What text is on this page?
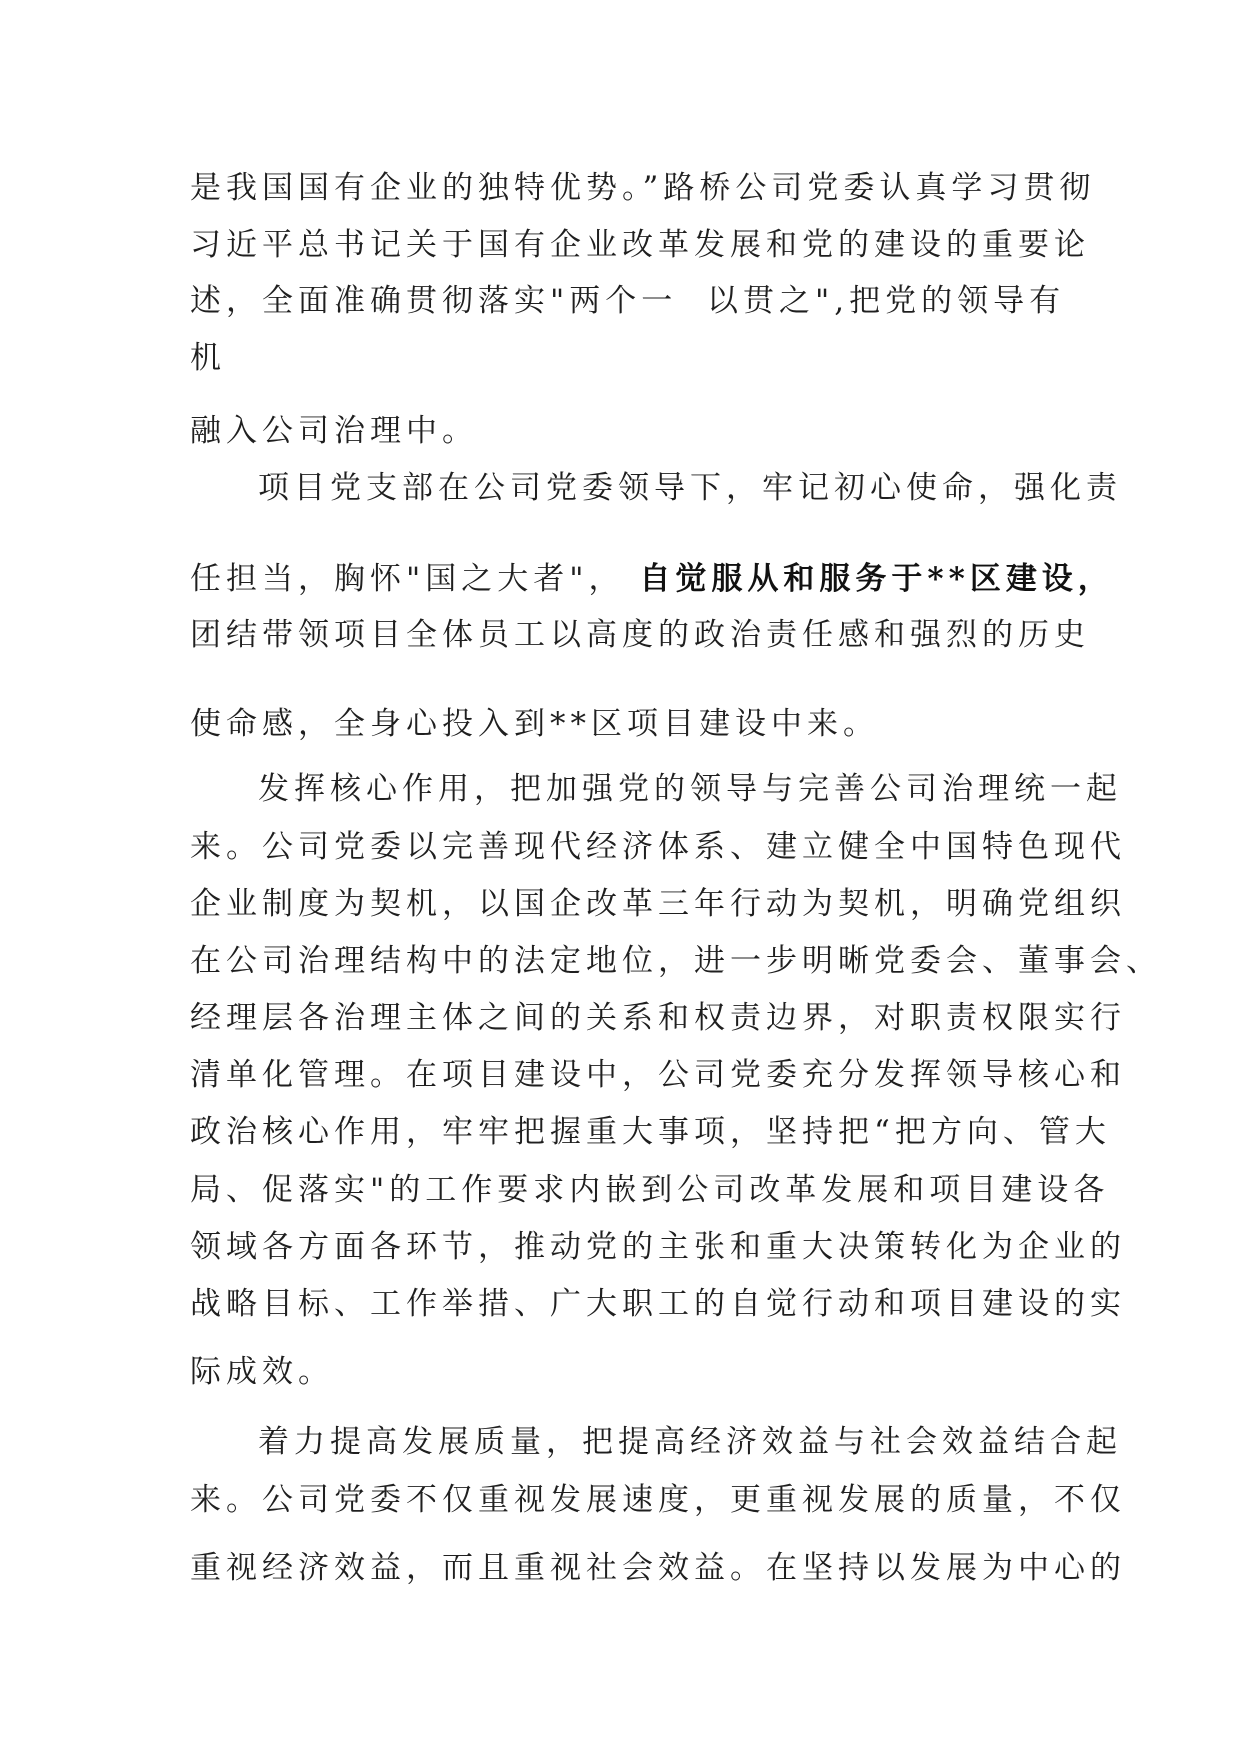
是我国国有企业的独特优势。”路桥公司党委认真学习贯彻

习近平总书记关于国有企业改革发展和党的建设的重要论

述，全面准确贯彻落实"两个一  以贯之",把党的领导有

机

融入公司治理中。

项目党支部在公司党委领导下，牢记初心使命，强化责

任担当，胸怀"国之大者"， 自觉服从和服务于**区建设，

团结带领项目全体员工以高度的政治责任感和强烈的历史

使命感，全身心投入到**区项目建设中来。

发挥核心作用，把加强党的领导与完善公司治理统一起

来。公司党委以完善现代经济体系、建立健全中国特色现代

企业制度为契机，以国企改革三年行动为契机，明确党组织

在公司治理结构中的法定地位，进一步明晰党委会、董事会、

经理层各治理主体之间的关系和权责边界，对职责权限实行

清单化管理。在项目建设中，公司党委充分发挥领导核心和

政治核心作用，牢牢把握重大事项，坚持把“把方向、管大

局、促落实"的工作要求内嵌到公司改革发展和项目建设各

领域各方面各环节，推动党的主张和重大决策转化为企业的

战略目标、工作举措、广大职工的自觉行动和项目建设的实

际成效。

着力提高发展质量，把提高经济效益与社会效益结合起

来。公司党委不仅重视发展速度，更重视发展的质量，不仅

重视经济效益，而且重视社会效益。在坚持以发展为中心的
